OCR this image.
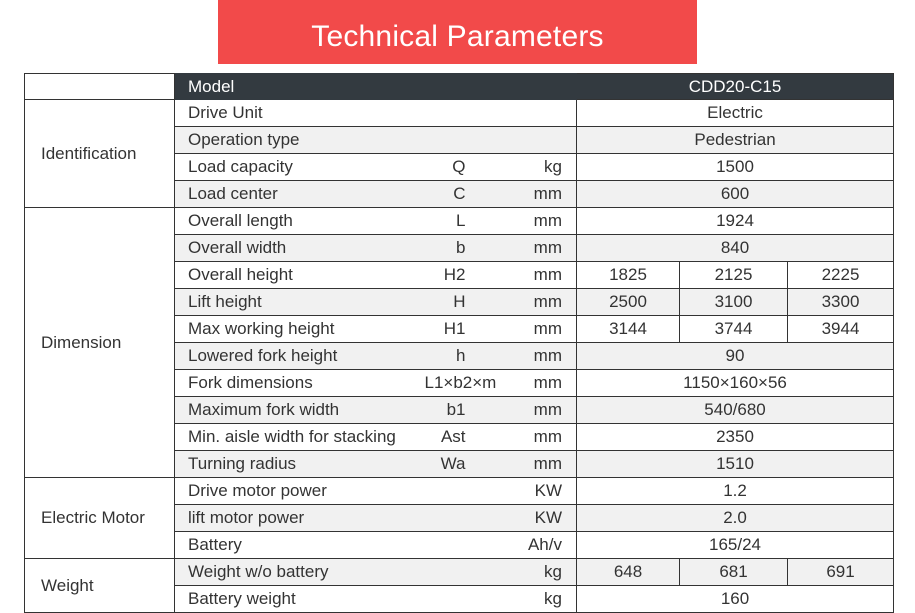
Technical Parameters
	Model			CDD20-C15		
Identification	Drive Unit			Electric		
	Operation type			Pedestrian		
	Load capacity	Q	kg	1500		
	Load center	C	mm	600		
Dimension	Overall length	L	mm	1924		
	Overall width	b	mm	840		
	Overall height	H2	mm	1825	2125	2225
	Lift height	H	mm	2500	3100	3300
	Max working height	H1	mm	3144	3744	3944
	Lowered fork height	h	mm	90		
	Fork dimensions	L1×b2×m	mm	1150×160×56		
	Maximum fork width	b1	mm	540/680		
	Min. aisle width for stacking	Ast	mm	2350		
	Turning radius	Wa	mm	1510		
Electric Motor	Drive motor power		KW	1.2		
	lift motor power		KW	2.0		
	Battery		Ah/v	165/24		
Weight	Weight w/o battery		kg	648	681	691
	Battery weight		kg	160		
